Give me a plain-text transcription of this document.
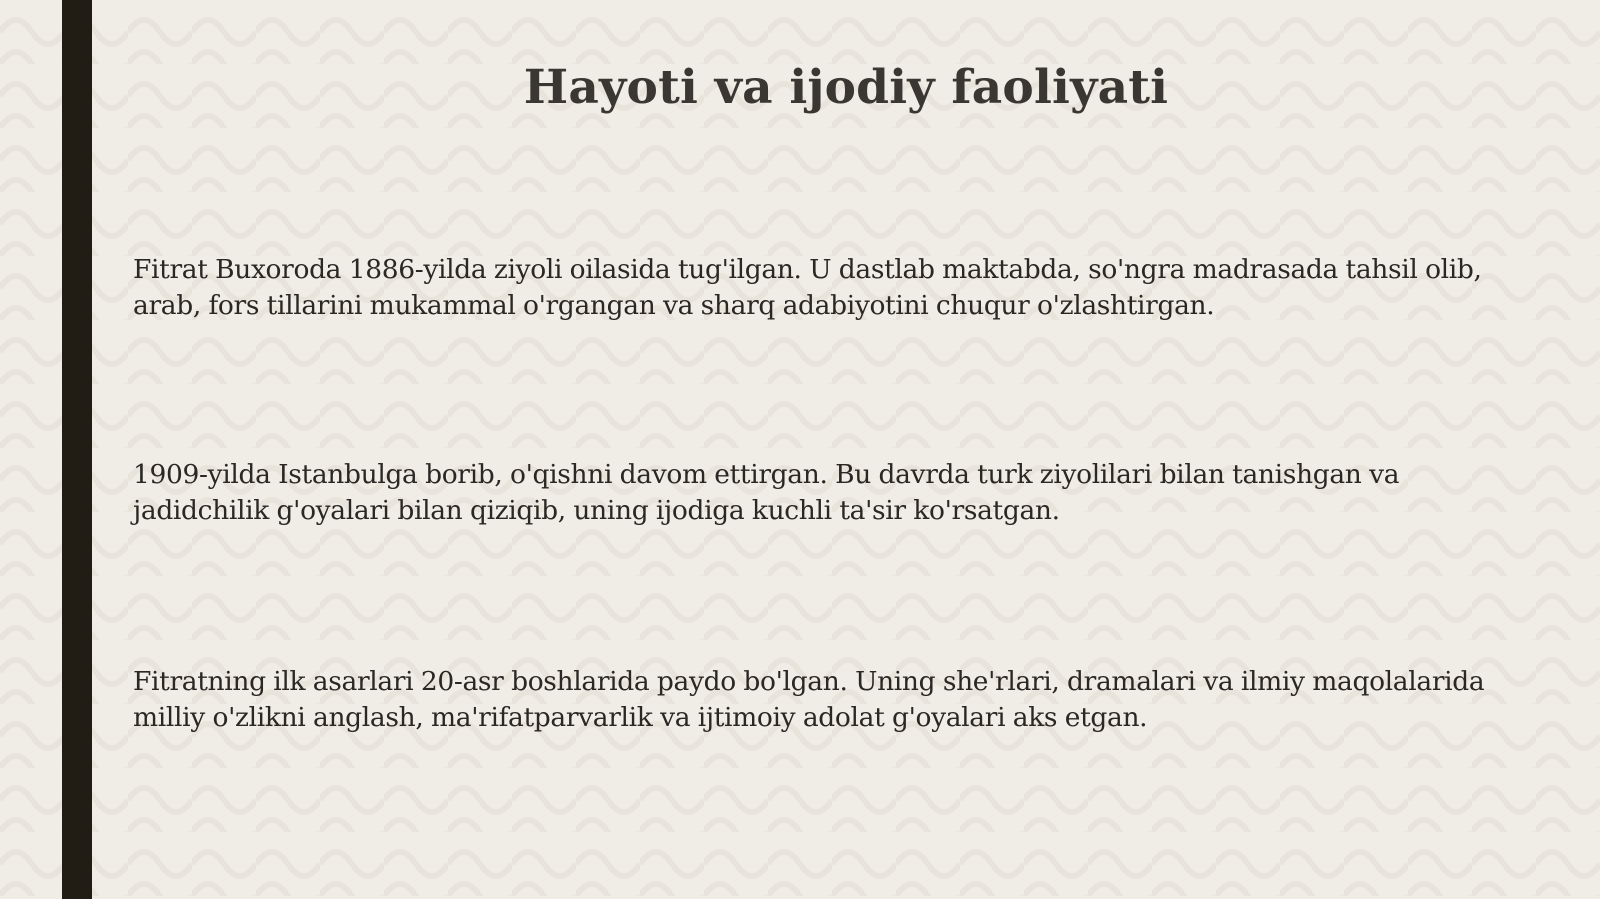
Hayoti va ijodiy faoliyati

Fitrat Buxoroda 1886-yilda ziyoli oilasida tug'ilgan. U dastlab maktabda, so'ngra madrasada tahsil olib, arab, fors tillarini mukammal o'rgangan va sharq adabiyotini chuqur o'zlashtirgan.

1909-yilda Istanbulga borib, o'qishni davom ettirgan. Bu davrda turk ziyolilari bilan tanishgan va jadidchilik g'oyalari bilan qiziqib, uning ijodiga kuchli ta'sir ko'rsatgan.

Fitratning ilk asarlari 20-asr boshlarida paydo bo'lgan. Uning she'rlari, dramalari va ilmiy maqolalarida milliy o'zlikni anglash, ma'rifatparvarlik va ijtimoiy adolat g'oyalari aks etgan.
